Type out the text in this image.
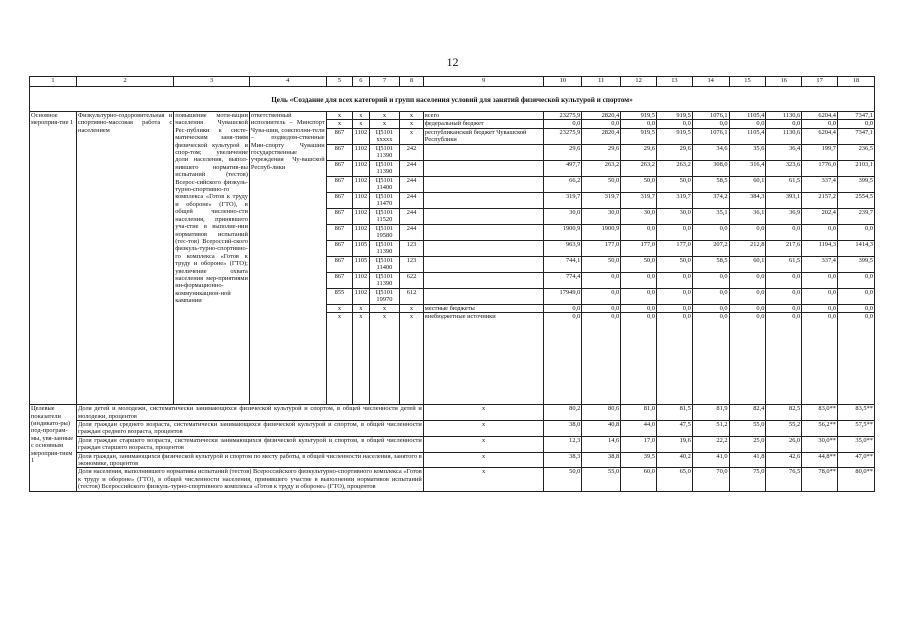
12
1	2	3	4	5	6	7	8	9	10	11	12	13	14	15	16	17	18
Цель «Создание для всех категорий и групп населения условий для занятий физической культурой и спортом»																	
Основное мероприя-тие 1	Физкультурно-оздоровительная и спортивно-массовая работа с населением	повышение моти-вации населения Чувашской Рес-публики к систе-матическим заня-тиям физической культурой и спор-том; увеличение доли населения, выпол-нившего норматив-вы испытаний (тестов) Всерос-сийского физкуль-турно-спортивно-го комплекса «Готов к труду и обороне» (ГТО), в общей численно-сти населения, принявшего уча-стие в выполне-нии нормативов испытаний (тес-тов) Всероссий-ского физкуль-турно-спортивно-го комплекса «Готов к труду и обороне» (ГТО); увеличение охвата населения мер-приятиями ин-формационно-коммуникацион-ной кампании	ответственный исполнитель – Минспорт Чува-шии, соисполни-тели – подведом-ственные Мин-спорту Чувашии государственные учреждения Чу-вашской Респуб-лики	x	x	x	x	всего	23275,9	2820,4	919,5	919,5	1076,1	1105,4	1130,6	6204,4	7347,1
				x	x	x	x	федеральный бюджет	0,0	0,0	0,0	0,0	0,0	0,0	0,0	0,0	0,0
				867	1102	Ц5101 xxxxx	x	республиканский бюджет Чувашской Республики	23275,9	2820,4	919,5	919,5	1076,1	1105,4	1130,6	6204,4	7347,1
				867	1102	Ц5101 11390	242		29,6	29,6	29,6	29,6	34,6	35,6	36,4	199,7	236,5
				867	1102	Ц5101 11390	244		497,7	263,2	263,2	263,2	308,0	316,4	323,6	1776,0	2103,1
				867	1102	Ц5101 11400	244		66,2	50,0	50,0	50,0	58,5	60,1	61,5	337,4	399,5
				867	1102	Ц5101 11470	244		319,7	319,7	319,7	319,7	374,2	384,3	393,1	2157,2	2554,5
				867	1102	Ц5101 11520	244		30,0	30,0	30,0	30,0	35,1	36,1	36,9	202,4	239,7
				867	1102	Ц5101 19580	244		1900,9	1900,9	0,0	0,0	0,0	0,0	0,0	0,0	0,0
				867	1105	Ц5101 11390	123		963,9	177,0	177,0	177,0	207,2	212,8	217,6	1194,3	1414,3
				867	1105	Ц5101 11400	123		744,1	50,0	50,0	50,0	58,5	60,1	61,5	337,4	399,5
				867	1102	Ц5101 11390	622		774,4	0,0	0,0	0,0	0,0	0,0	0,0	0,0	0,0
				855	1102	Ц5101 19970	612		17949,0	0,0	0,0	0,0	0,0	0,0	0,0	0,0	0,0
				x	x	x	x	местные бюджеты	0,0	0,0	0,0	0,0	0,0	0,0	0,0	0,0	0,0
				x	x	x	x	внебюджетные источники	0,0	0,0	0,0	0,0	0,0	0,0	0,0	0,0	0,0
Целевые показатели (индикато-ры) под-програм-мы, увя-занные с основным мероприя-тием 1	Доля детей и молодежи, систематически занимающихся физической культурой и спортом, в общей численности детей и молодежи, процентов							x	80,2	80,6	81,0	81,5	81,9	82,4	82,5	83,0**	83,5**
	Доля граждан среднего возраста, систематически занимающихся физической культурой и спортом, в общей численности граждан среднего возраста, процентов							x	38,0	40,8	44,0	47,5	51,2	55,0	55,2	56,2**	57,5**
	Доля граждан старшего возраста, систематически занимающихся физической культурой и спортом, в общей численности граждан старшего возраста, процентов							x	12,3	14,6	17,0	19,6	22,2	25,0	26,0	30,0**	35,0**
	Доля граждан, занимающихся физической культурой и спортом по месту работы, в общей численности населения, занятого в экономике, процентов							x	38,3	38,8	39,5	40,2	41,0	41,8	42,6	44,8**	47,0**
	Доля населения, выполнившего нормативы испытаний (тестов) Всероссийского физкультурно-спортивного комплекса «Готов к труду и обороне» (ГТО), в общей численности населения, принявшего участие в выполнении нормативов испытаний (тестов) Всероссийского физкуль-турно-спортивного комплекса «Готов к труду и обороне» (ГТО), процентов							x	50,0	55,0	60,0	65,0	70,0	75,0	76,5	78,0**	80,0**
